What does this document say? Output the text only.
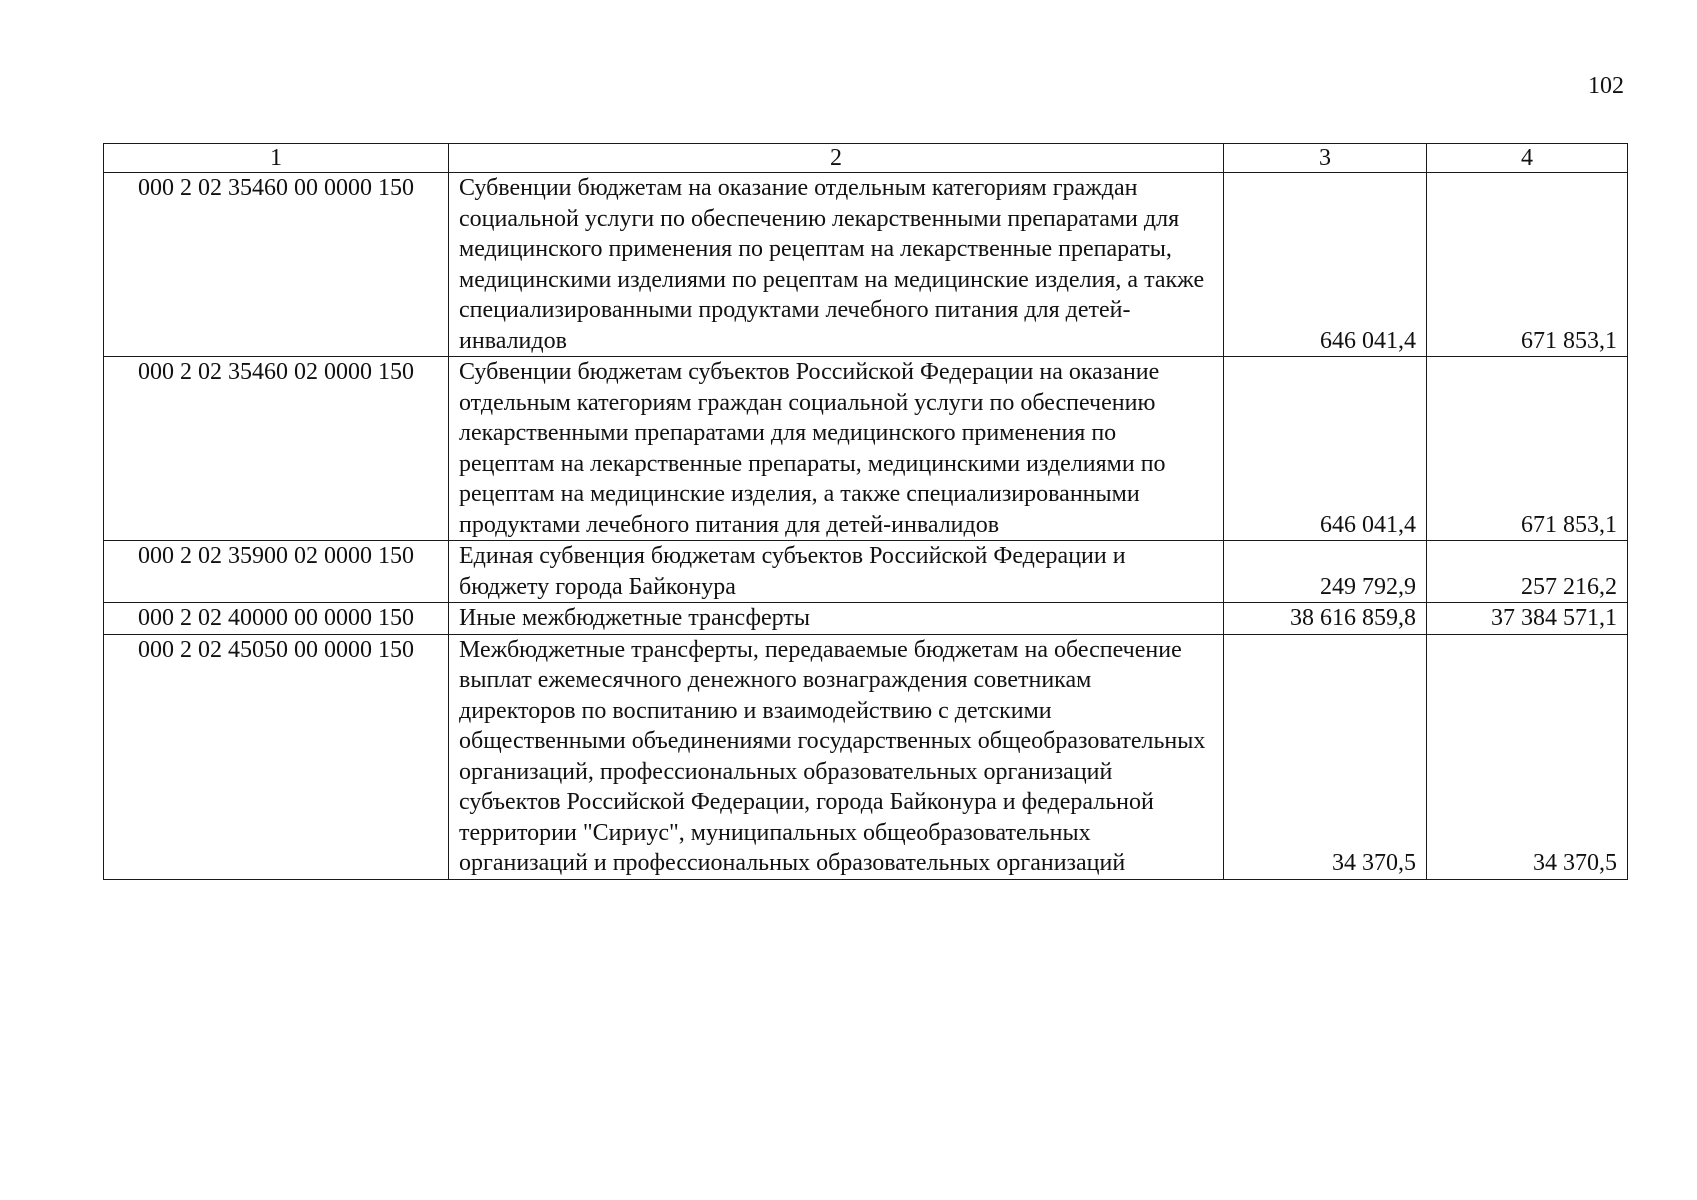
102
1	2	3	4

000 2 02 35460 00 0000 150	Субвенции бюджетам на оказание отдельным категориям граждан социальной услуги по обеспечению лекарственными препаратами для медицинского применения по рецептам на лекарственные препараты, медицинскими изделиями по рецептам на медицинские изделия, а также специализированными продуктами лечебного питания для детей-инвалидов	646 041,4	671 853,1

000 2 02 35460 02 0000 150	Субвенции бюджетам субъектов Российской Федерации на оказание отдельным категориям граждан социальной услуги по обеспечению лекарственными препаратами для медицинского применения по рецептам на лекарственные препараты, медицинскими изделиями по рецептам на медицинские изделия, а также специализированными продуктами лечебного питания для детей-инвалидов	646 041,4	671 853,1

000 2 02 35900 02 0000 150	Единая субвенция бюджетам субъектов Российской Федерации и бюджету города Байконура	249 792,9	257 216,2

000 2 02 40000 00 0000 150	Иные межбюджетные трансферты	38 616 859,8	37 384 571,1

000 2 02 45050 00 0000 150	Межбюджетные трансферты, передаваемые бюджетам на обеспечение выплат ежемесячного денежного вознаграждения советникам директоров по воспитанию и взаимодействию с детскими общественными объединениями государственных общеобразовательных организаций, профессиональных образовательных организаций субъектов Российской Федерации, города Байконура и федеральной территории "Сириус", муниципальных общеобразовательных организаций и профессиональных образовательных организаций	34 370,5	34 370,5
